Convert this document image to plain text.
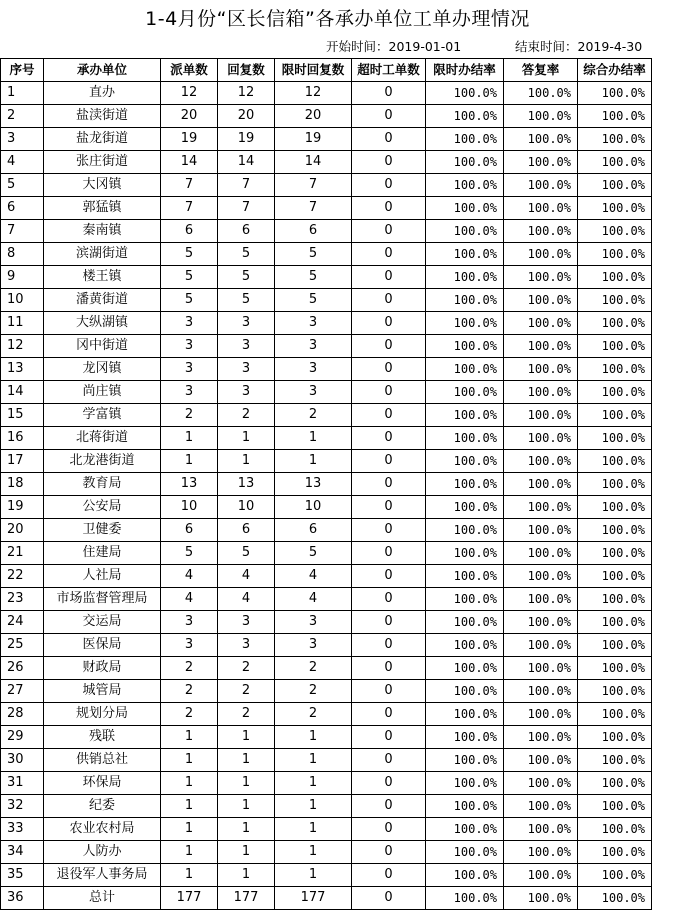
1-4月份“区长信箱”各承办单位工单办理情况
开始时间：2019-01-01	结束时间：2019-4-30
序号	承办单位	派单数	回复数	限时回复数	超时工单数	限时办结率	答复率	综合办结率
1	直办	12	12	12	0	100.0%	100.0%	100.0%
2	盐渎街道	20	20	20	0	100.0%	100.0%	100.0%
3	盐龙街道	19	19	19	0	100.0%	100.0%	100.0%
4	张庄街道	14	14	14	0	100.0%	100.0%	100.0%
5	大冈镇	7	7	7	0	100.0%	100.0%	100.0%
6	郭猛镇	7	7	7	0	100.0%	100.0%	100.0%
7	秦南镇	6	6	6	0	100.0%	100.0%	100.0%
8	滨湖街道	5	5	5	0	100.0%	100.0%	100.0%
9	楼王镇	5	5	5	0	100.0%	100.0%	100.0%
10	潘黄街道	5	5	5	0	100.0%	100.0%	100.0%
11	大纵湖镇	3	3	3	0	100.0%	100.0%	100.0%
12	冈中街道	3	3	3	0	100.0%	100.0%	100.0%
13	龙冈镇	3	3	3	0	100.0%	100.0%	100.0%
14	尚庄镇	3	3	3	0	100.0%	100.0%	100.0%
15	学富镇	2	2	2	0	100.0%	100.0%	100.0%
16	北蒋街道	1	1	1	0	100.0%	100.0%	100.0%
17	北龙港街道	1	1	1	0	100.0%	100.0%	100.0%
18	教育局	13	13	13	0	100.0%	100.0%	100.0%
19	公安局	10	10	10	0	100.0%	100.0%	100.0%
20	卫健委	6	6	6	0	100.0%	100.0%	100.0%
21	住建局	5	5	5	0	100.0%	100.0%	100.0%
22	人社局	4	4	4	0	100.0%	100.0%	100.0%
23	市场监督管理局	4	4	4	0	100.0%	100.0%	100.0%
24	交运局	3	3	3	0	100.0%	100.0%	100.0%
25	医保局	3	3	3	0	100.0%	100.0%	100.0%
26	财政局	2	2	2	0	100.0%	100.0%	100.0%
27	城管局	2	2	2	0	100.0%	100.0%	100.0%
28	规划分局	2	2	2	0	100.0%	100.0%	100.0%
29	残联	1	1	1	0	100.0%	100.0%	100.0%
30	供销总社	1	1	1	0	100.0%	100.0%	100.0%
31	环保局	1	1	1	0	100.0%	100.0%	100.0%
32	纪委	1	1	1	0	100.0%	100.0%	100.0%
33	农业农村局	1	1	1	0	100.0%	100.0%	100.0%
34	人防办	1	1	1	0	100.0%	100.0%	100.0%
35	退役军人事务局	1	1	1	0	100.0%	100.0%	100.0%
36	总计	177	177	177	0	100.0%	100.0%	100.0%
